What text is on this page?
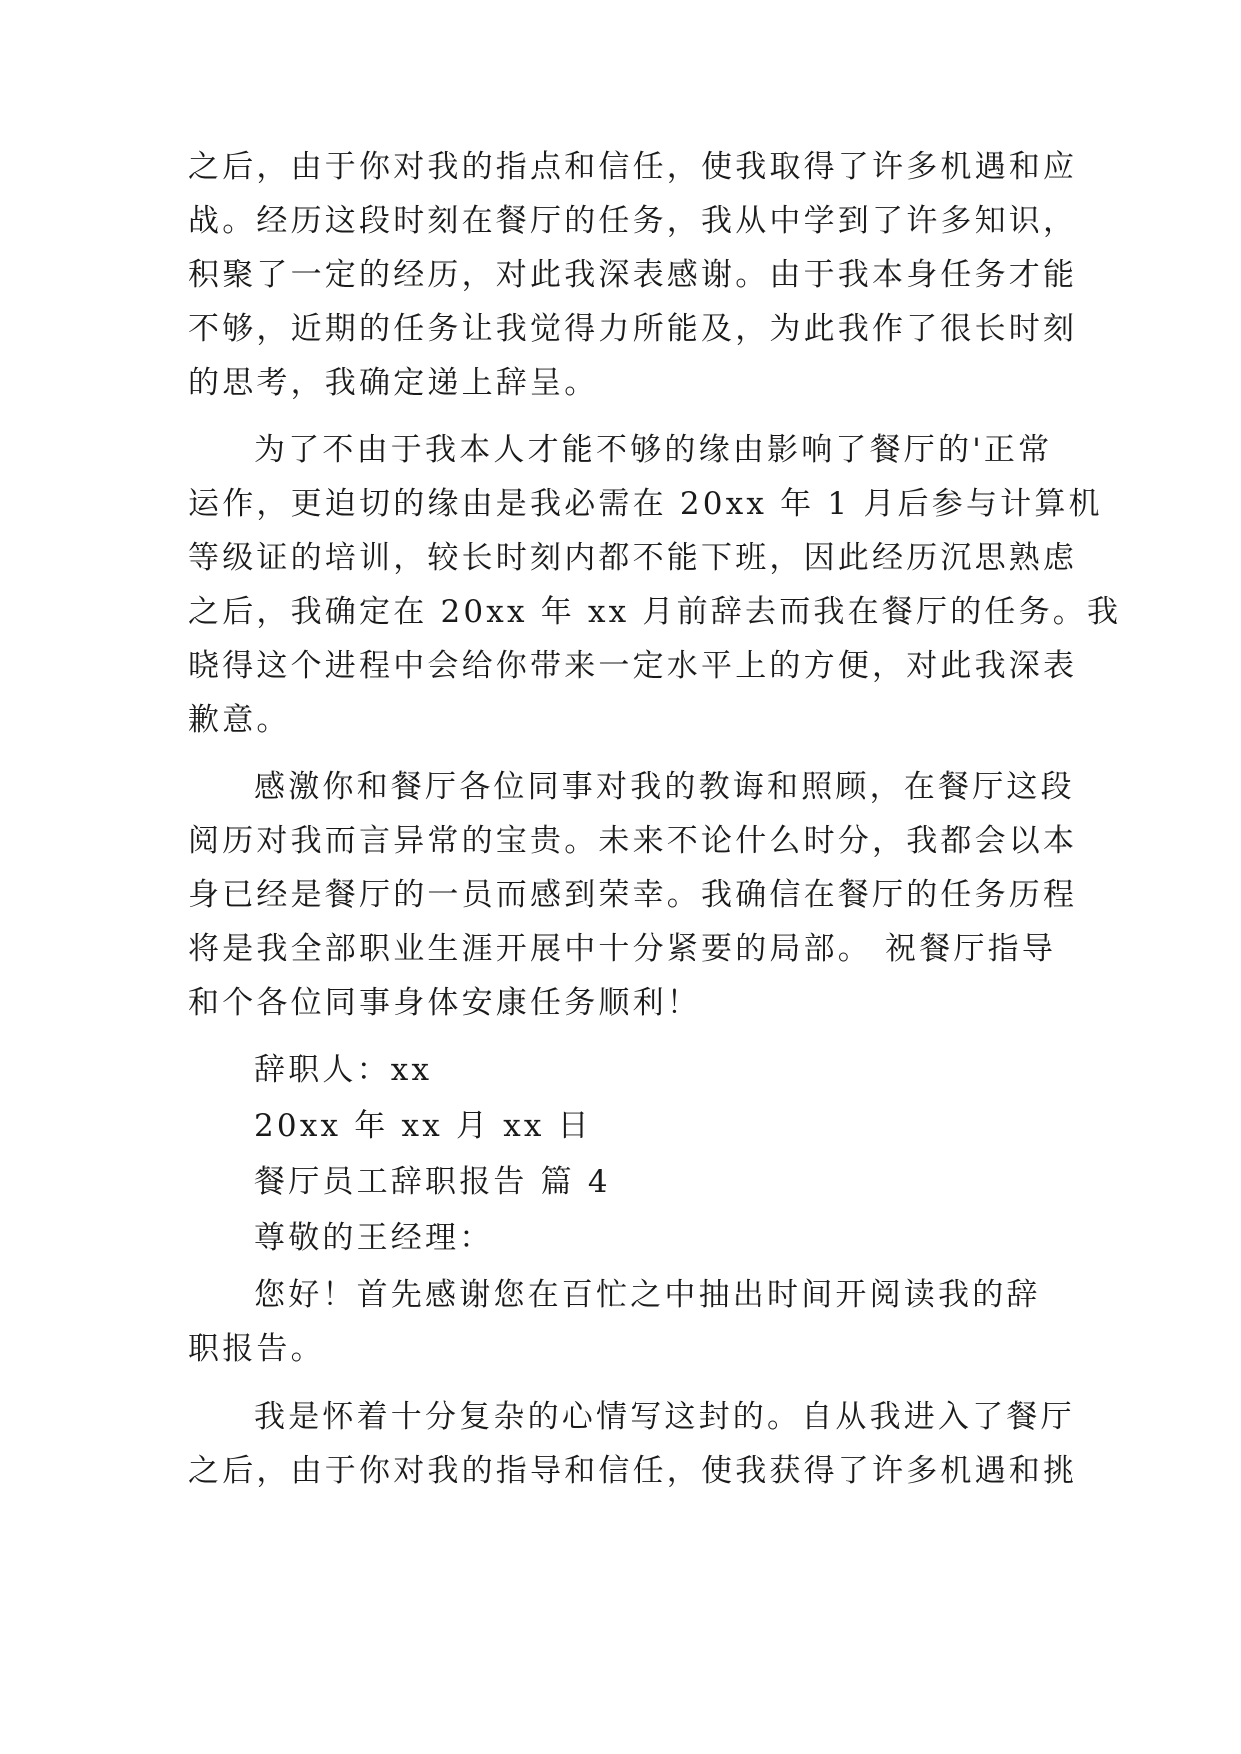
之后，由于你对我的指点和信任，使我取得了许多机遇和应

战。经历这段时刻在餐厅的任务，我从中学到了许多知识，

积聚了一定的经历，对此我深表感谢。由于我本身任务才能

不够，近期的任务让我觉得力所能及，为此我作了很长时刻

的思考，我确定递上辞呈。

为了不由于我本人才能不够的缘由影响了餐厅的'正常

运作，更迫切的缘由是我必需在 20xx 年 1 月后参与计算机

等级证的培训，较长时刻内都不能下班，因此经历沉思熟虑

之后，我确定在 20xx 年 xx 月前辞去而我在餐厅的任务。我

晓得这个进程中会给你带来一定水平上的方便，对此我深表

歉意。

感激你和餐厅各位同事对我的教诲和照顾，在餐厅这段

阅历对我而言异常的宝贵。未来不论什么时分，我都会以本

身已经是餐厅的一员而感到荣幸。我确信在餐厅的任务历程

将是我全部职业生涯开展中十分紧要的局部。 祝餐厅指导

和个各位同事身体安康任务顺利！

辞职人：xx

20xx 年 xx 月 xx 日

餐厅员工辞职报告 篇 4

尊敬的王经理：

您好！首先感谢您在百忙之中抽出时间开阅读我的辞

职报告。

我是怀着十分复杂的心情写这封的。自从我进入了餐厅

之后，由于你对我的指导和信任，使我获得了许多机遇和挑
